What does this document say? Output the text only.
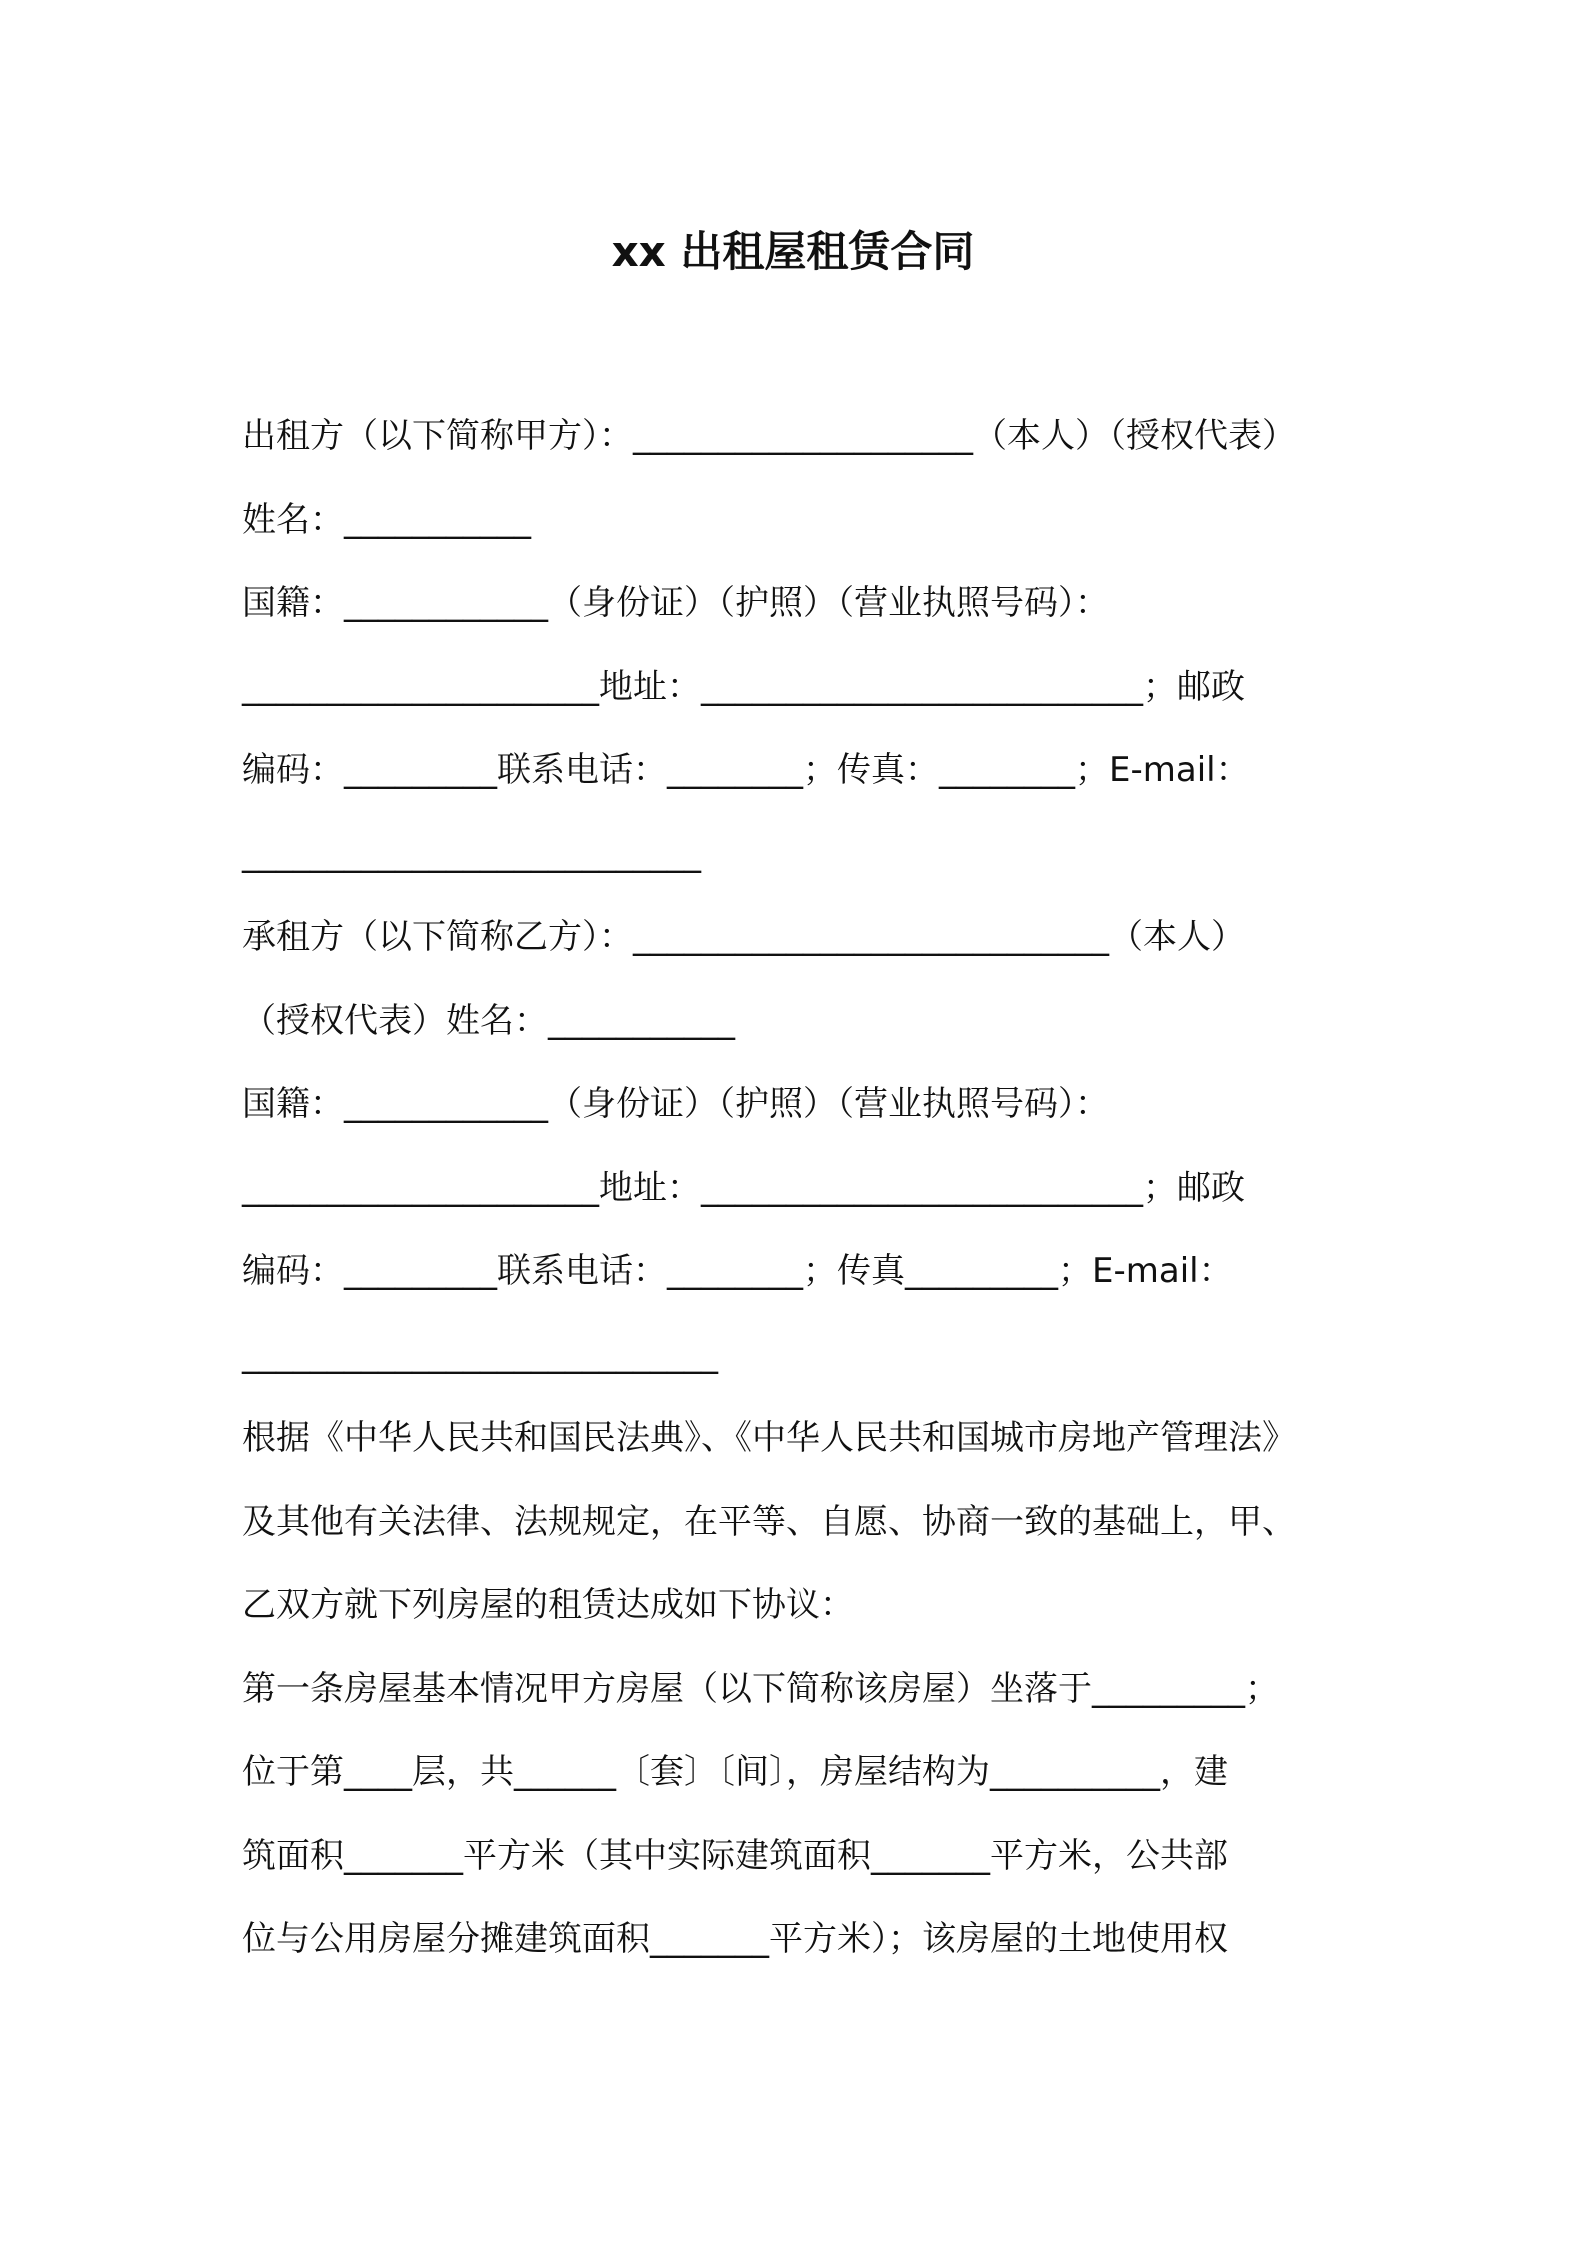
xx 出租屋租赁合同
出租方（以下简称甲方）：____________________（本人）（授权代表）
姓名：___________
国籍：____________（身份证）（护照）（营业执照号码）：
_____________________地址：__________________________；邮政
编码：_________联系电话：________；传真：________；E-mail：
___________________________
承租方（以下简称乙方）：____________________________（本人）
（授权代表）姓名：___________
国籍：____________（身份证）（护照）（营业执照号码）：
_____________________地址：__________________________；邮政
编码：_________联系电话：________；传真_________；E-mail：
____________________________
根据《中华人民共和国民法典》、《中华人民共和国城市房地产管理法》
及其他有关法律、法规规定，在平等、自愿、协商一致的基础上，甲、
乙双方就下列房屋的租赁达成如下协议：
第一条房屋基本情况甲方房屋（以下简称该房屋）坐落于_________；
位于第____层，共______〔套〕〔间〕，房屋结构为__________，建
筑面积_______平方米（其中实际建筑面积_______平方米，公共部
位与公用房屋分摊建筑面积_______平方米）；该房屋的土地使用权
